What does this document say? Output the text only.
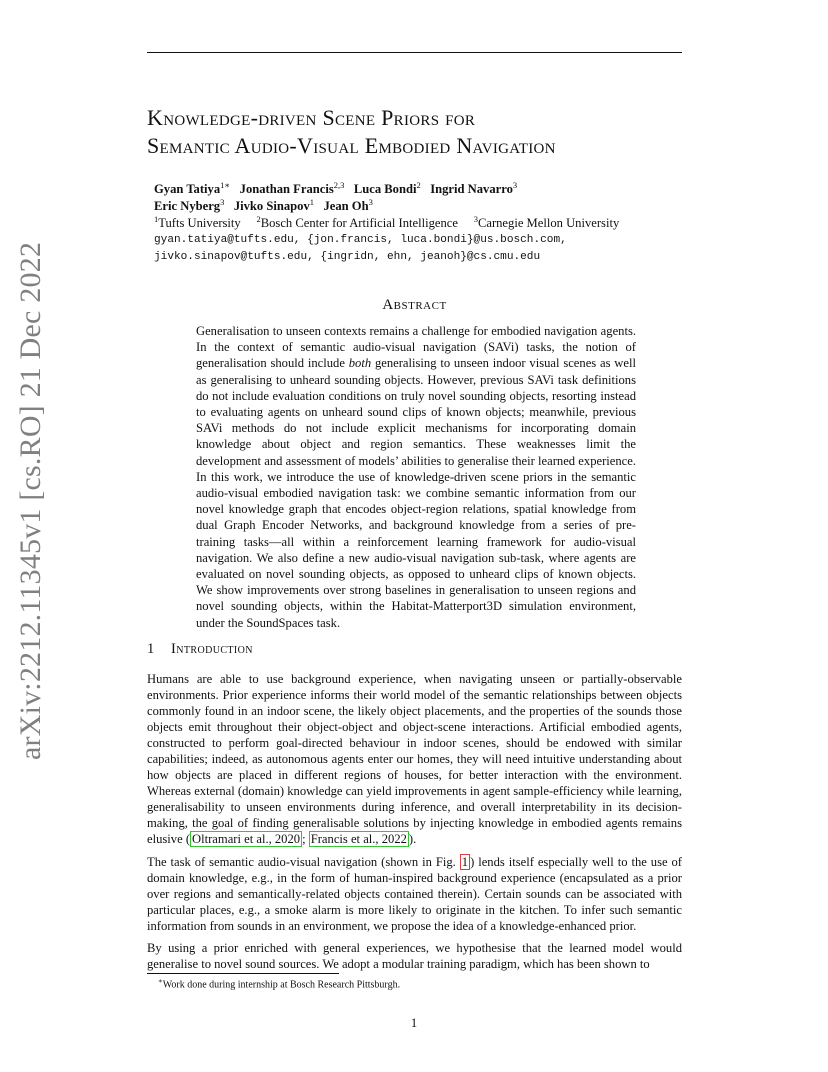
Knowledge-driven Scene Priors for
Semantic Audio-Visual Embodied Navigation
Gyan Tatiya$^{1∗}$ Jonathan Francis$^{2,3}$ Luca Bondi$^2$ Ingrid Navarro$^3$
Eric Nyberg$^3$ Jivko Sinapov$^1$ Jean Oh$^3$
$^1$Tufts University $^2$Bosch Center for Artificial Intelligence $^3$Carnegie Mellon University
gyan.tatiya@tufts.edu, {jon.francis, luca.bondi}@us.bosch.com,
jivko.sinapov@tufts.edu, {ingridn, ehn, jeanoh}@cs.cmu.edu
arXiv:2212.11345v1 [cs.RO] 21 Dec 2022	Abstract
Generalisation to unseen contexts remains a challenge for embodied navigation agents. In the context of semantic audio-visual navigation (SAVi) tasks, the notion of generalisation should include both generalising to unseen indoor visual scenes as well as generalising to unheard sounding objects. However, previous SAVi task definitions do not include evaluation conditions on truly novel sounding objects, resorting instead to evaluating agents on unheard sound clips of known objects; meanwhile, previous SAVi methods do not include explicit mechanisms for incorporating domain knowledge about object and region semantics. These weaknesses limit the development and assessment of models’ abilities to generalise their learned experience. In this work, we introduce the use of knowledge-driven scene priors in the semantic audio-visual embodied navigation task: we combine semantic information from our novel knowledge graph that encodes object-region relations, spatial knowledge from dual Graph Encoder Networks, and background knowledge from a series of pre-training tasks—all within a reinforcement learning framework for audio-visual navigation. We also define a new audio-visual navigation sub-task, where agents are evaluated on novel sounding objects, as opposed to unheard clips of known objects. We show improvements over strong baselines in generalisation to unseen regions and novel sounding objects, within the Habitat-Matterport3D simulation environment, under the SoundSpaces task.
1 Introduction

Humans are able to use background experience, when navigating unseen or partially-observable environments. Prior experience informs their world model of the semantic relationships between objects commonly found in an indoor scene, the likely object placements, and the properties of the sounds those objects emit throughout their object-object and object-scene interactions. Artificial embodied agents, constructed to perform goal-directed behaviour in indoor scenes, should be endowed with similar capabilities; indeed, as autonomous agents enter our homes, they will need intuitive understanding about how objects are placed in different regions of houses, for better interaction with the environment. Whereas external (domain) knowledge can yield improvements in agent sample-efficiency while learning, generalisability to unseen environments during inference, and overall interpretability in its decision-making, the goal of finding generalisable solutions by injecting knowledge in embodied agents remains elusive ( Oltramari et al., 2020 ; Francis et al., 2022 ).

The task of semantic audio-visual navigation (shown in Fig. 1 ) lends itself especially well to the use of domain knowledge, e.g., in the form of human-inspired background experience (encapsulated as a prior over regions and semantically-related objects contained therein). Certain sounds can be associated with particular places, e.g., a smoke alarm is more likely to originate in the kitchen. To infer such semantic information from sounds in an environment, we propose the idea of a knowledge-enhanced prior.

By using a prior enriched with general experiences, we hypothesise that the learned model would generalise to novel sound sources. We adopt a modular training paradigm, which has been shown to

∗Work done during internship at Bosch Research Pittsburgh.
1
